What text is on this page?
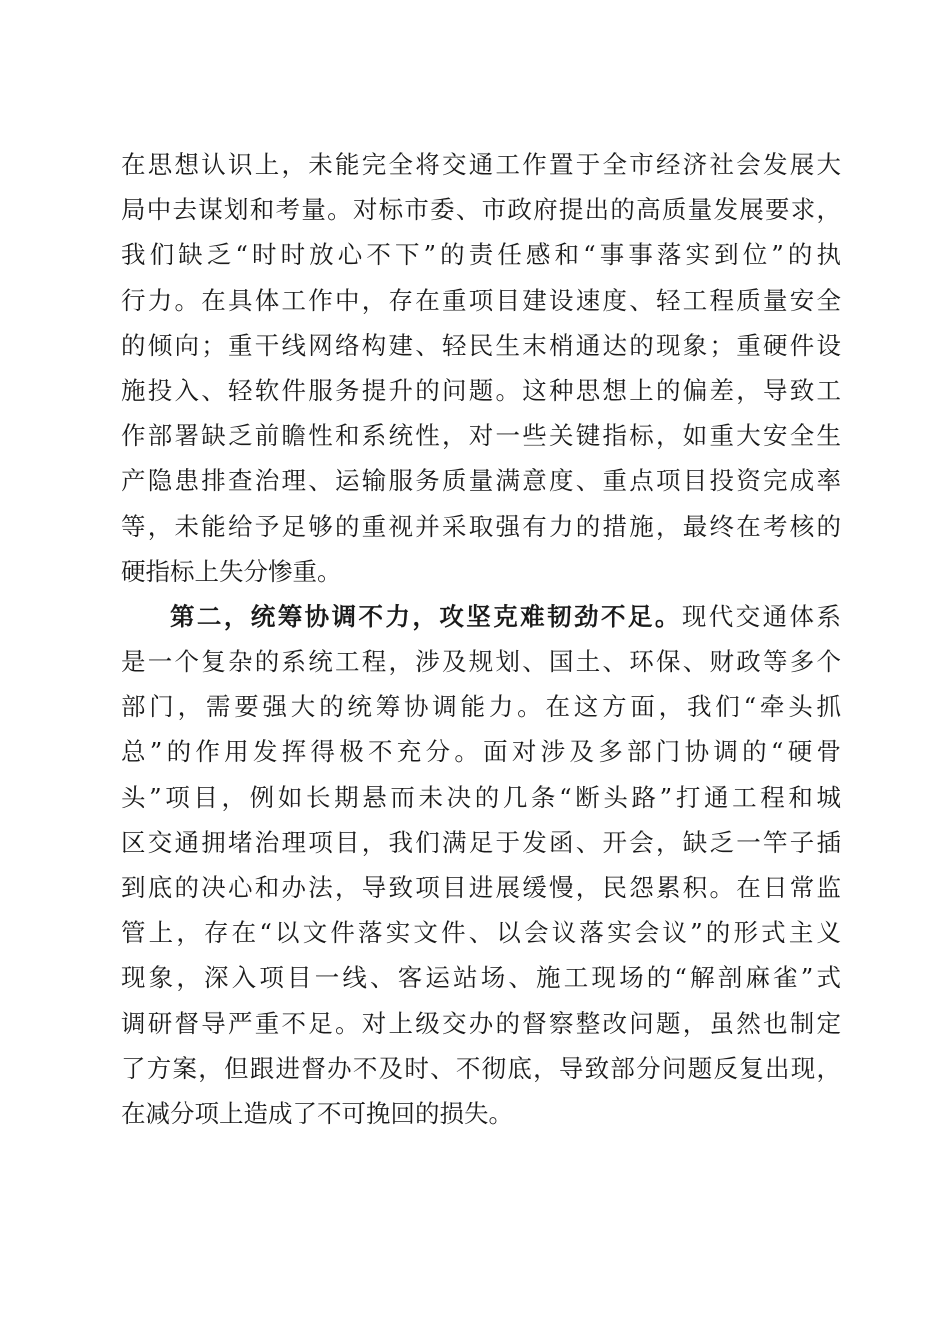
在思想认识上，未能完全将交通工作置于全市经济社会发展大
局中去谋划和考量。对标市委、市政府提出的高质量发展要求，
我们缺乏“时时放心不下”的责任感和“事事落实到位”的执
行力。在具体工作中，存在重项目建设速度、轻工程质量安全
的倾向；重干线网络构建、轻民生末梢通达的现象；重硬件设
施投入、轻软件服务提升的问题。这种思想上的偏差，导致工
作部署缺乏前瞻性和系统性，对一些关键指标，如重大安全生
产隐患排查治理、运输服务质量满意度、重点项目投资完成率
等，未能给予足够的重视并采取强有力的措施，最终在考核的
硬指标上失分惨重。
第二，统筹协调不力，攻坚克难韧劲不足。现代交通体系
是一个复杂的系统工程，涉及规划、国土、环保、财政等多个
部门，需要强大的统筹协调能力。在这方面，我们“牵头抓
总”的作用发挥得极不充分。面对涉及多部门协调的“硬骨
头”项目，例如长期悬而未决的几条“断头路”打通工程和城
区交通拥堵治理项目，我们满足于发函、开会，缺乏一竿子插
到底的决心和办法，导致项目进展缓慢，民怨累积。在日常监
管上，存在“以文件落实文件、以会议落实会议”的形式主义
现象，深入项目一线、客运站场、施工现场的“解剖麻雀”式
调研督导严重不足。对上级交办的督察整改问题，虽然也制定
了方案，但跟进督办不及时、不彻底，导致部分问题反复出现，
在减分项上造成了不可挽回的损失。
